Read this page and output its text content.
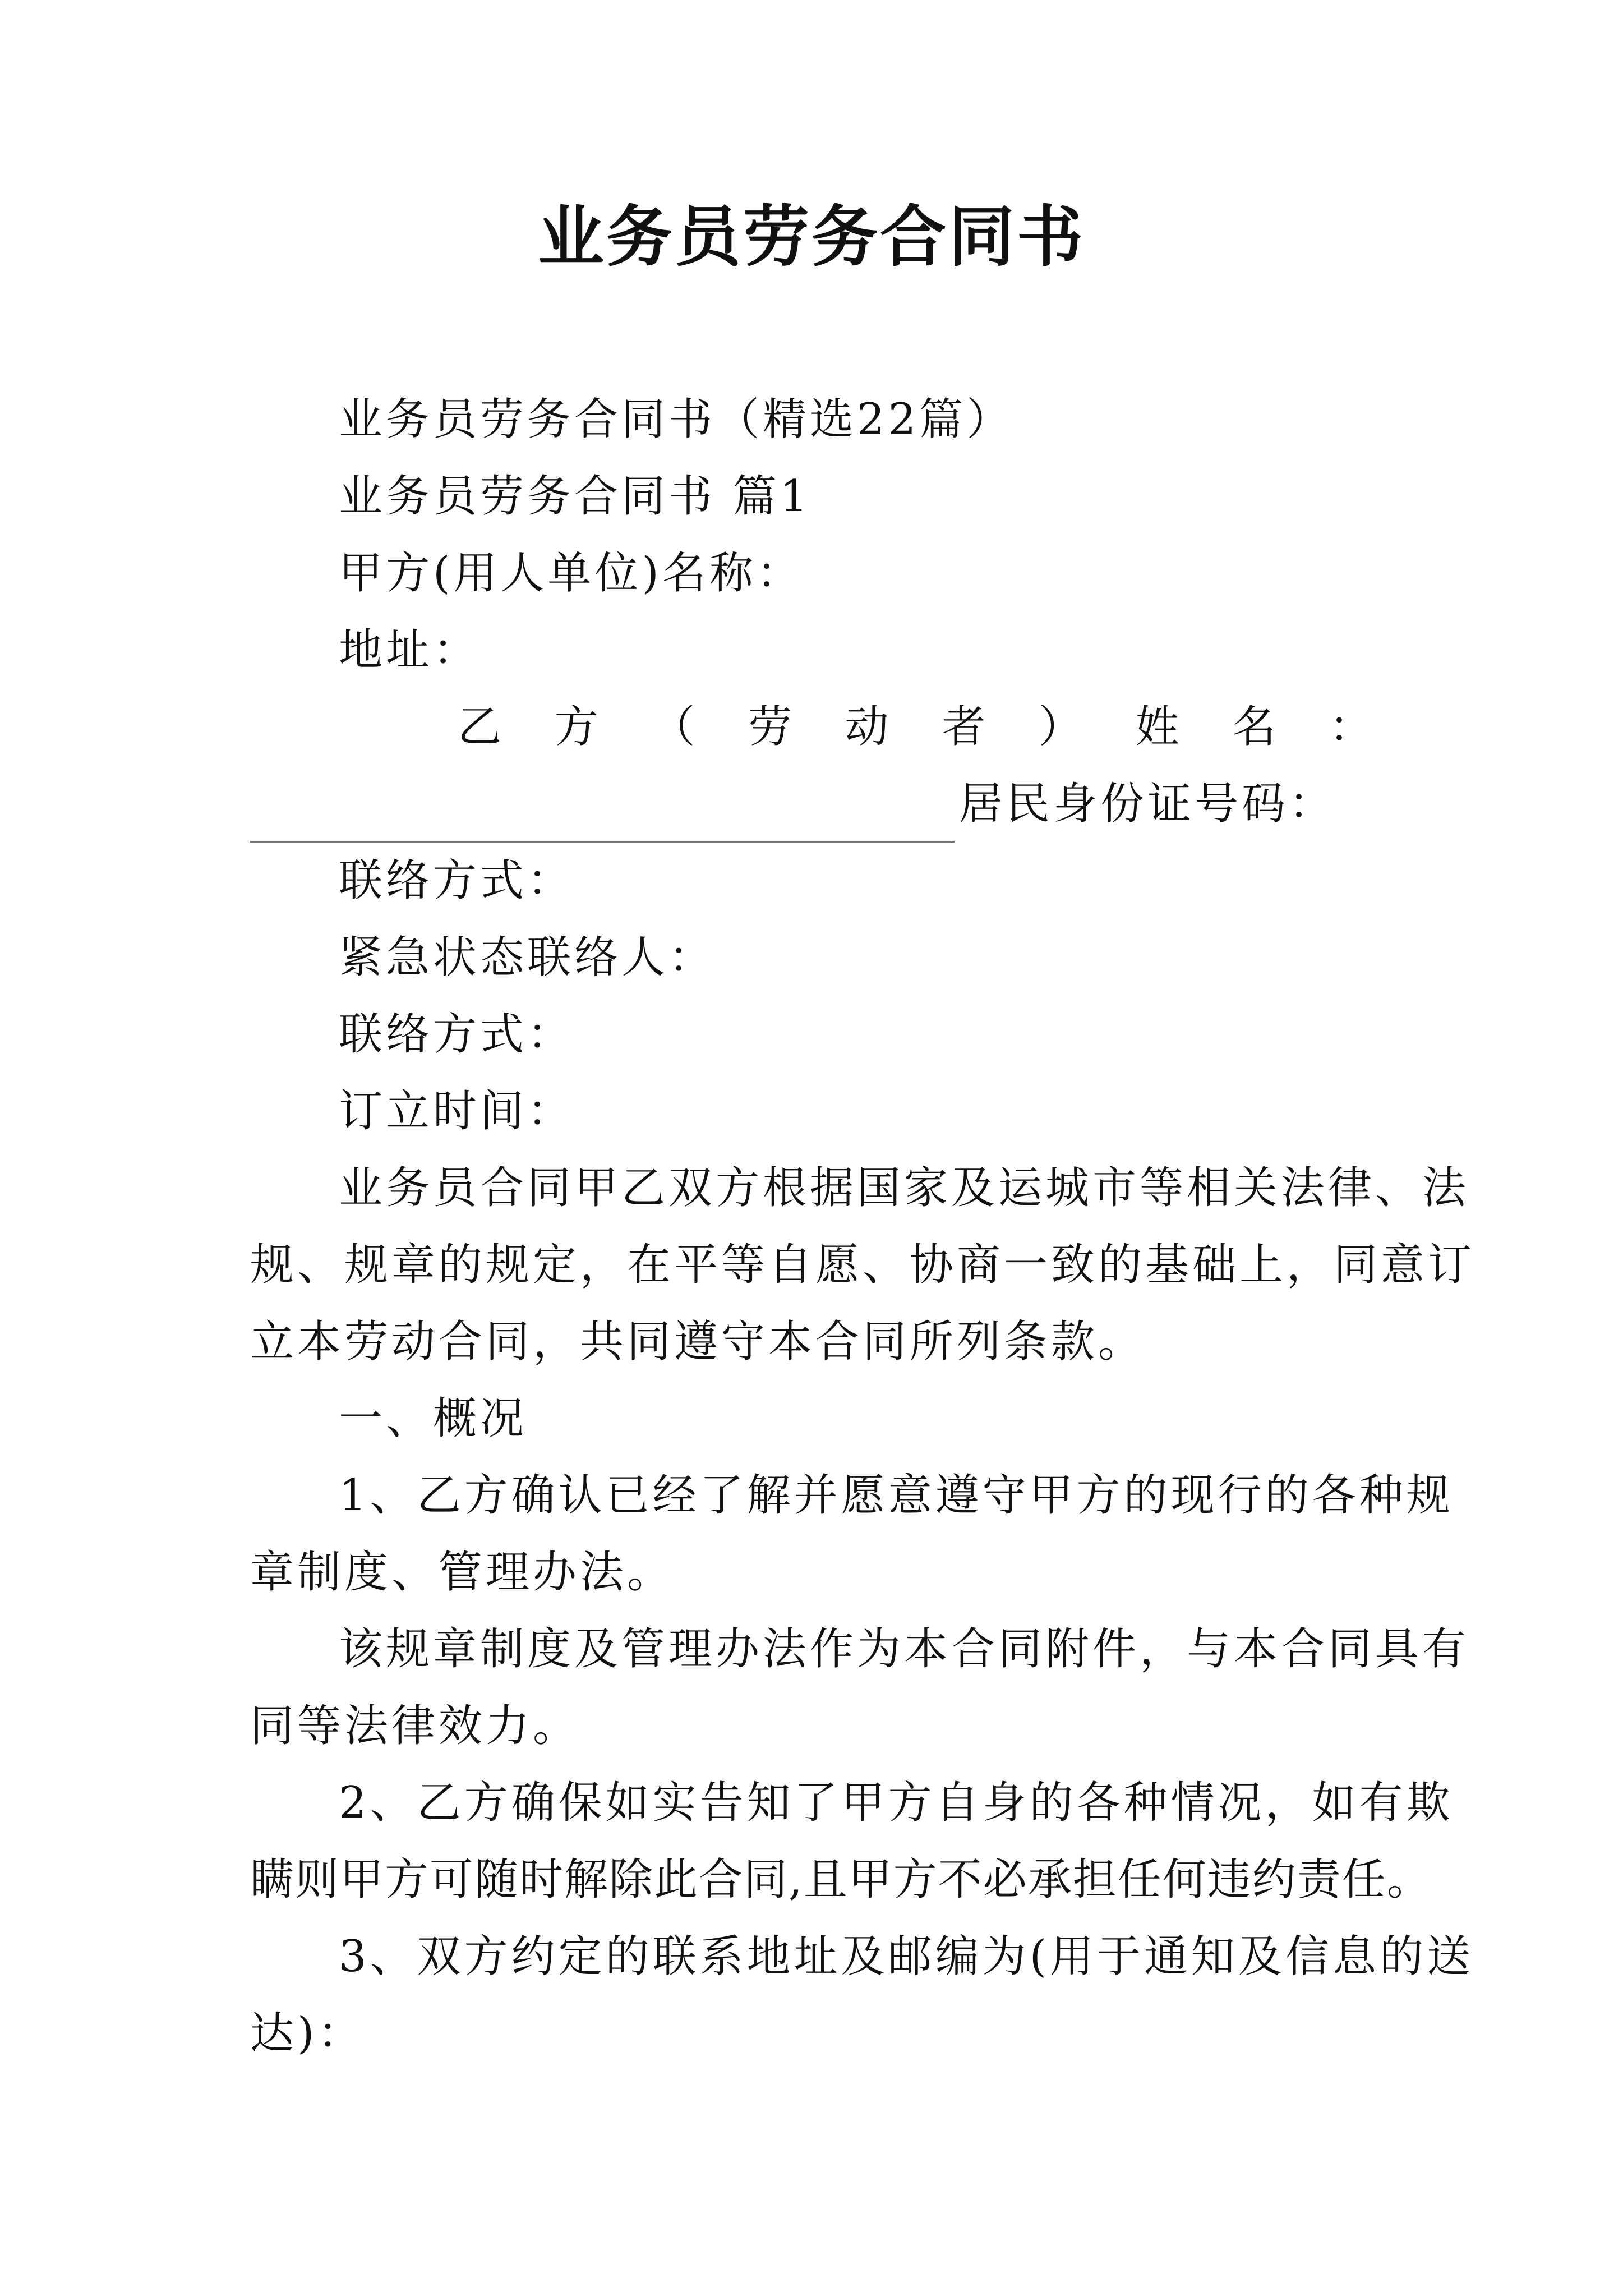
业务员劳务合同书
业务员劳务合同书（精选22篇）
业务员劳务合同书 篇1
甲方(用人单位)名称：
地址：
乙 方 （ 劳 动 者 ） 姓 名 ：
居民身份证号码：
联络方式：
紧急状态联络人：
联络方式：
订立时间：
业务员合同甲乙双方根据国家及运城市等相关法律、法
规、规章的规定，在平等自愿、协商一致的基础上，同意订
立本劳动合同，共同遵守本合同所列条款。
一、概况
1、乙方确认已经了解并愿意遵守甲方的现行的各种规
章制度、管理办法。
该规章制度及管理办法作为本合同附件，与本合同具有
同等法律效力。
2、乙方确保如实告知了甲方自身的各种情况，如有欺
瞒则甲方可随时解除此合同,且甲方不必承担任何违约责任。
3、双方约定的联系地址及邮编为(用于通知及信息的送
达)：
